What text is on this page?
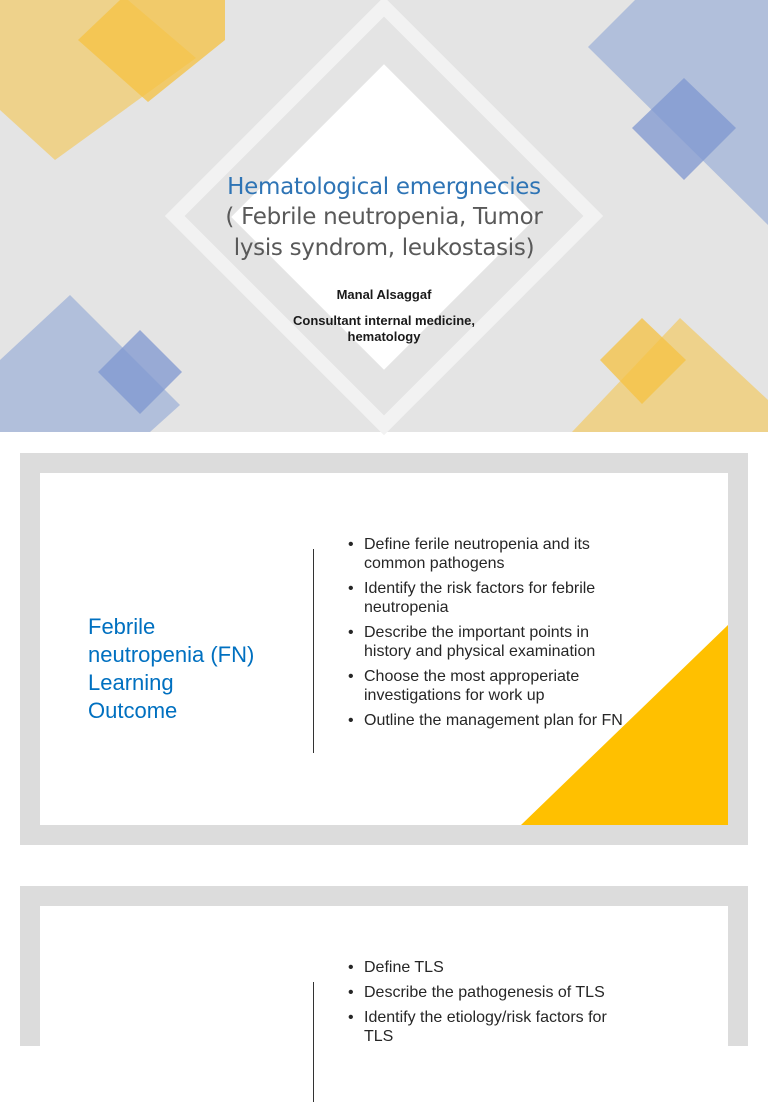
Hematological emergnecies
( Febrile neutropenia, Tumor
lysis syndrom, leukostasis)
Manal Alsaggaf
Consultant internal medicine,
hematology
Febrile
neutropenia (FN)
Learning
Outcome
• Define ferile neutropenia and its common pathogens
• Identify the risk factors for febrile neutropenia
• Describe the important points in history and physical examination
• Choose the most approperiate investigations for work up
• Outline the management plan for FN
• Define TLS
• Describe the pathogenesis of TLS
• Identify the etiology/risk factors for TLS
